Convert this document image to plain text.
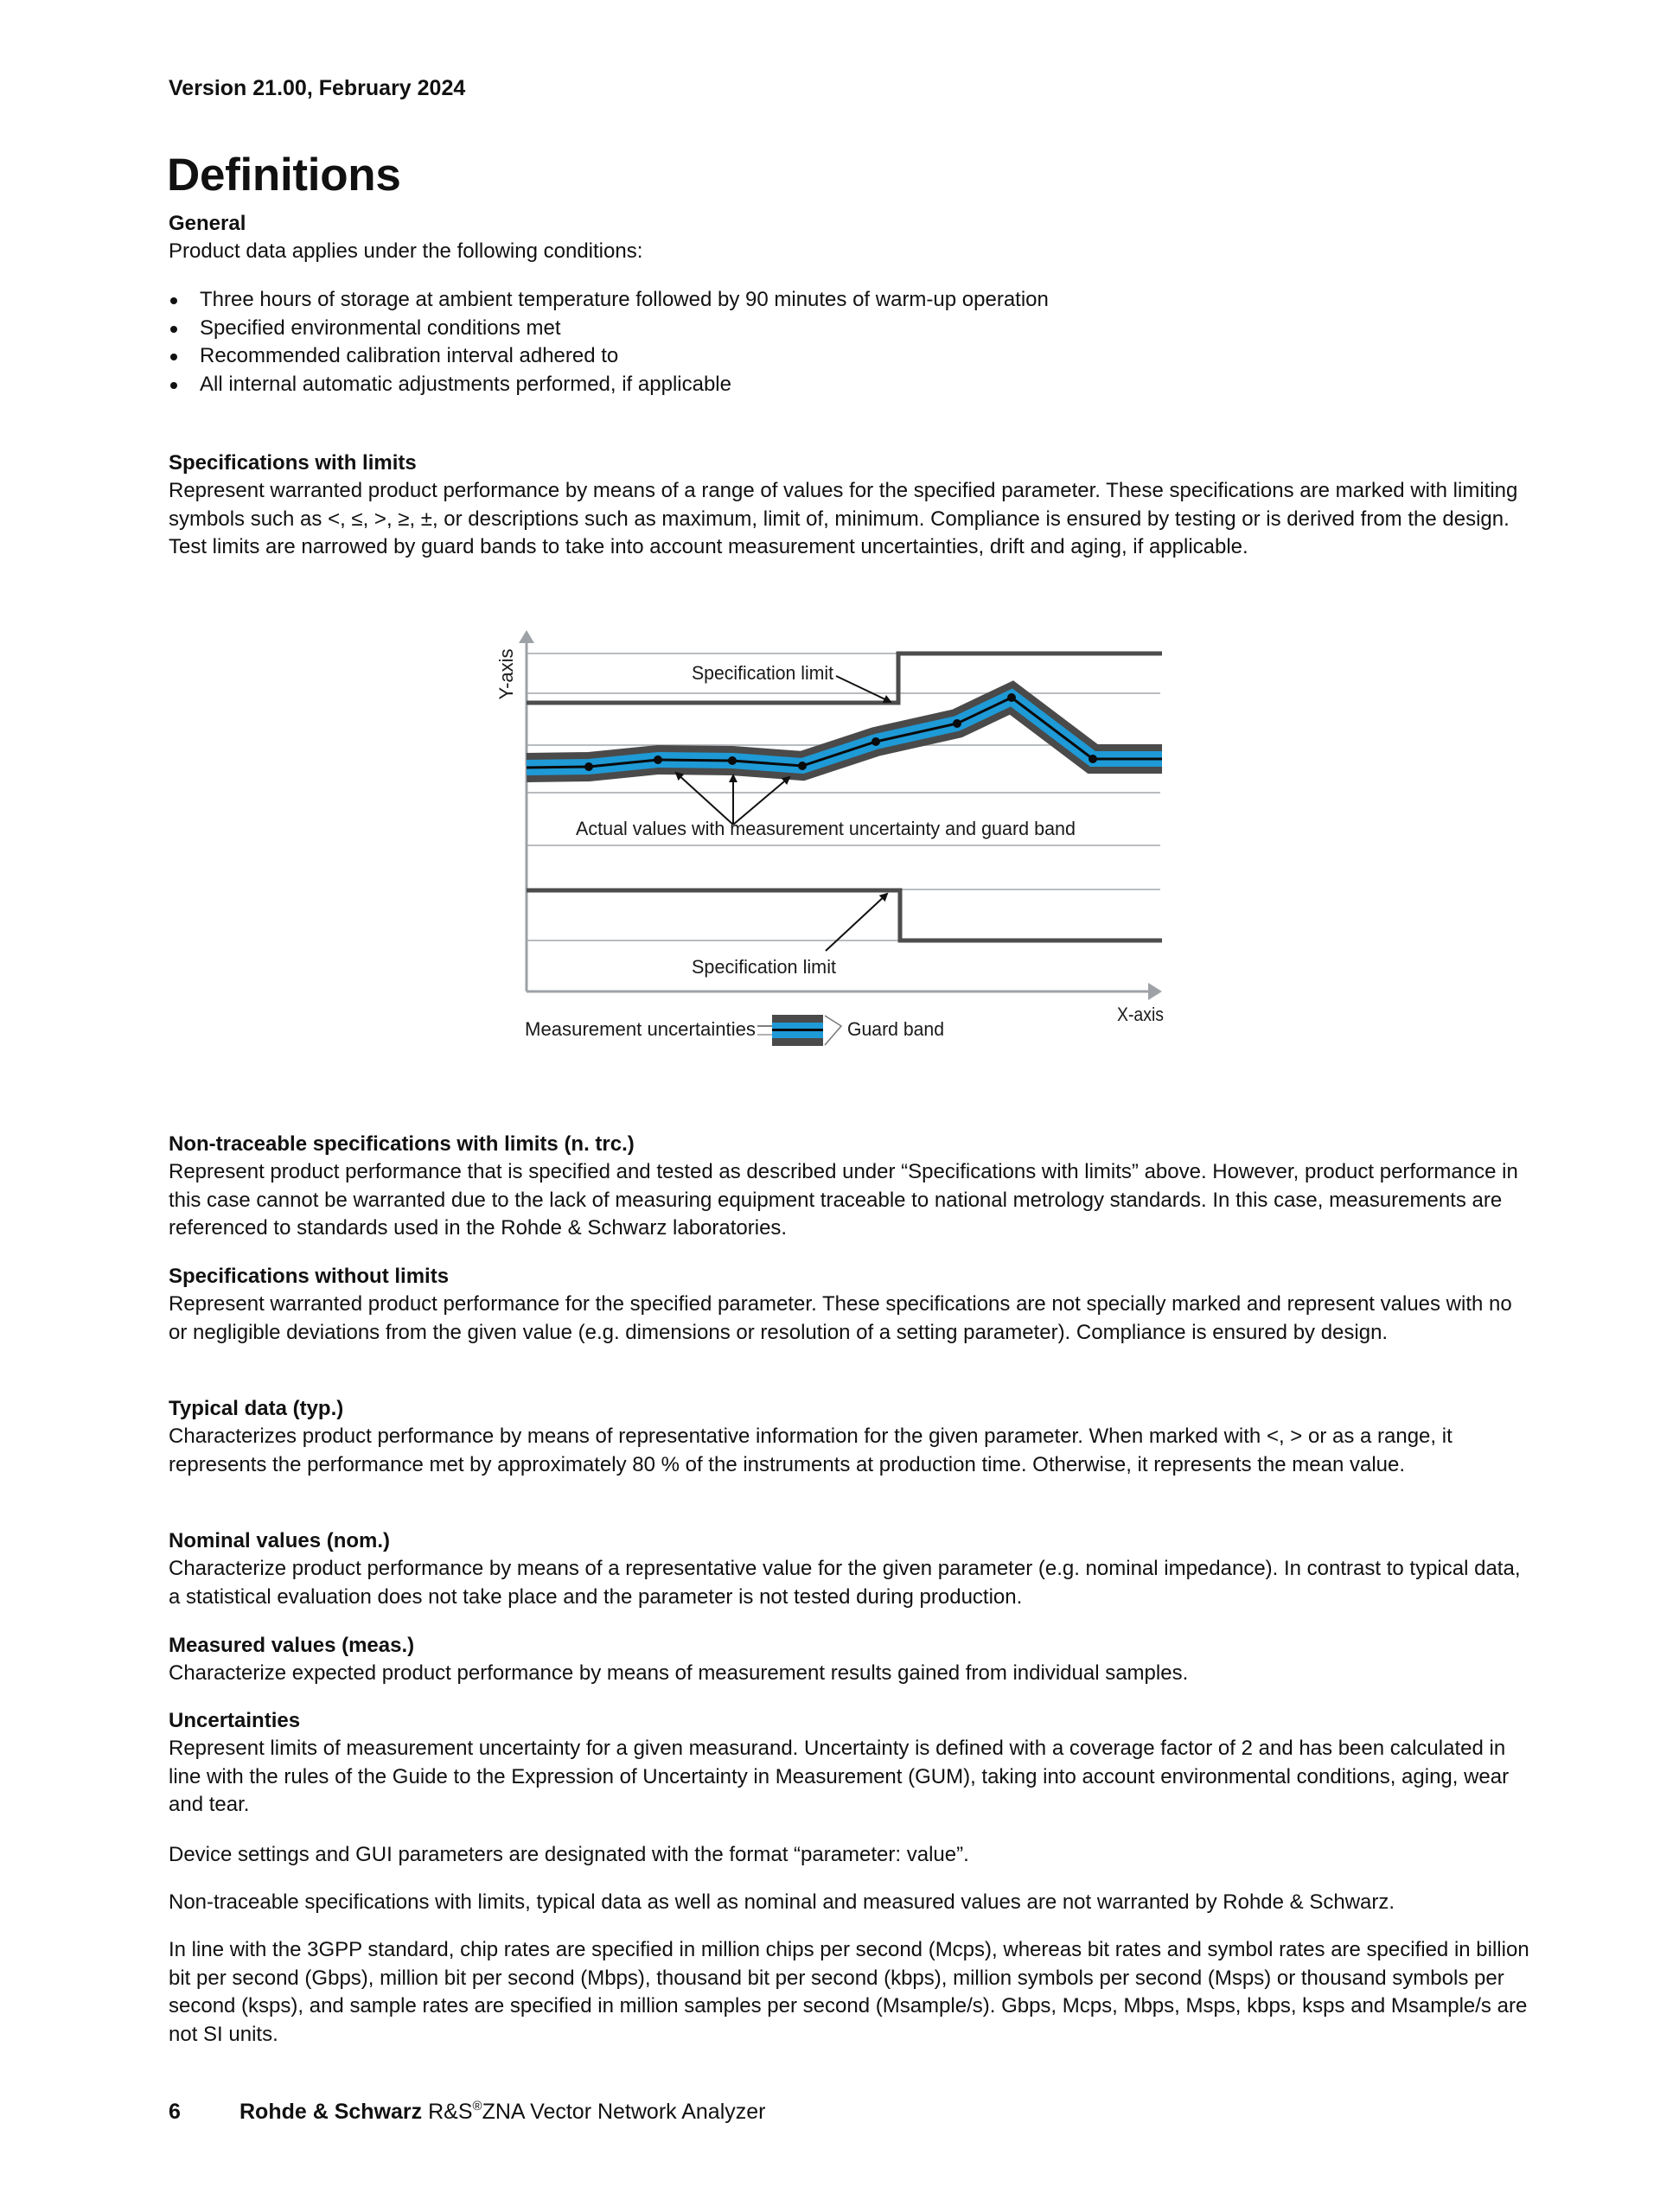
Version 21.00, February 2024
Definitions
General
Product data applies under the following conditions:
Three hours of storage at ambient temperature followed by 90 minutes of warm-up operation
Specified environmental conditions met
Recommended calibration interval adhered to
All internal automatic adjustments performed, if applicable
Specifications with limits
Represent warranted product performance by means of a range of values for the specified parameter. These specifications are marked with limiting symbols such as <, ≤, >, ≥, ±, or descriptions such as maximum, limit of, minimum. Compliance is ensured by testing or is derived from the design. Test limits are narrowed by guard bands to take into account measurement uncertainties, drift and aging, if applicable.
Y-axis	Specification limit
Actual values with measurement uncertainty and guard band
Specification limit
X-axis
Measurement uncertainties	Guard band
Non-traceable specifications with limits (n. trc.)
Represent product performance that is specified and tested as described under “Specifications with limits” above. However, product performance in this case cannot be warranted due to the lack of measuring equipment traceable to national metrology standards. In this case, measurements are referenced to standards used in the Rohde & Schwarz laboratories.
Specifications without limits
Represent warranted product performance for the specified parameter. These specifications are not specially marked and represent values with no or negligible deviations from the given value (e.g. dimensions or resolution of a setting parameter). Compliance is ensured by design.
Typical data (typ.)
Characterizes product performance by means of representative information for the given parameter. When marked with <, > or as a range, it represents the performance met by approximately 80 % of the instruments at production time. Otherwise, it represents the mean value.
Nominal values (nom.)
Characterize product performance by means of a representative value for the given parameter (e.g. nominal impedance). In contrast to typical data, a statistical evaluation does not take place and the parameter is not tested during production.
Measured values (meas.)
Characterize expected product performance by means of measurement results gained from individual samples.
Uncertainties
Represent limits of measurement uncertainty for a given measurand. Uncertainty is defined with a coverage factor of 2 and has been calculated in line with the rules of the Guide to the Expression of Uncertainty in Measurement (GUM), taking into account environmental conditions, aging, wear and tear.
Device settings and GUI parameters are designated with the format “parameter: value”.
Non-traceable specifications with limits, typical data as well as nominal and measured values are not warranted by Rohde & Schwarz.
In line with the 3GPP standard, chip rates are specified in million chips per second (Mcps), whereas bit rates and symbol rates are specified in billion bit per second (Gbps), million bit per second (Mbps), thousand bit per second (kbps), million symbols per second (Msps) or thousand symbols per second (ksps), and sample rates are specified in million samples per second (Msample/s). Gbps, Mcps, Mbps, Msps, kbps, ksps and Msample/s are not SI units.
6	Rohde & Schwarz R&S®ZNA Vector Network Analyzer
